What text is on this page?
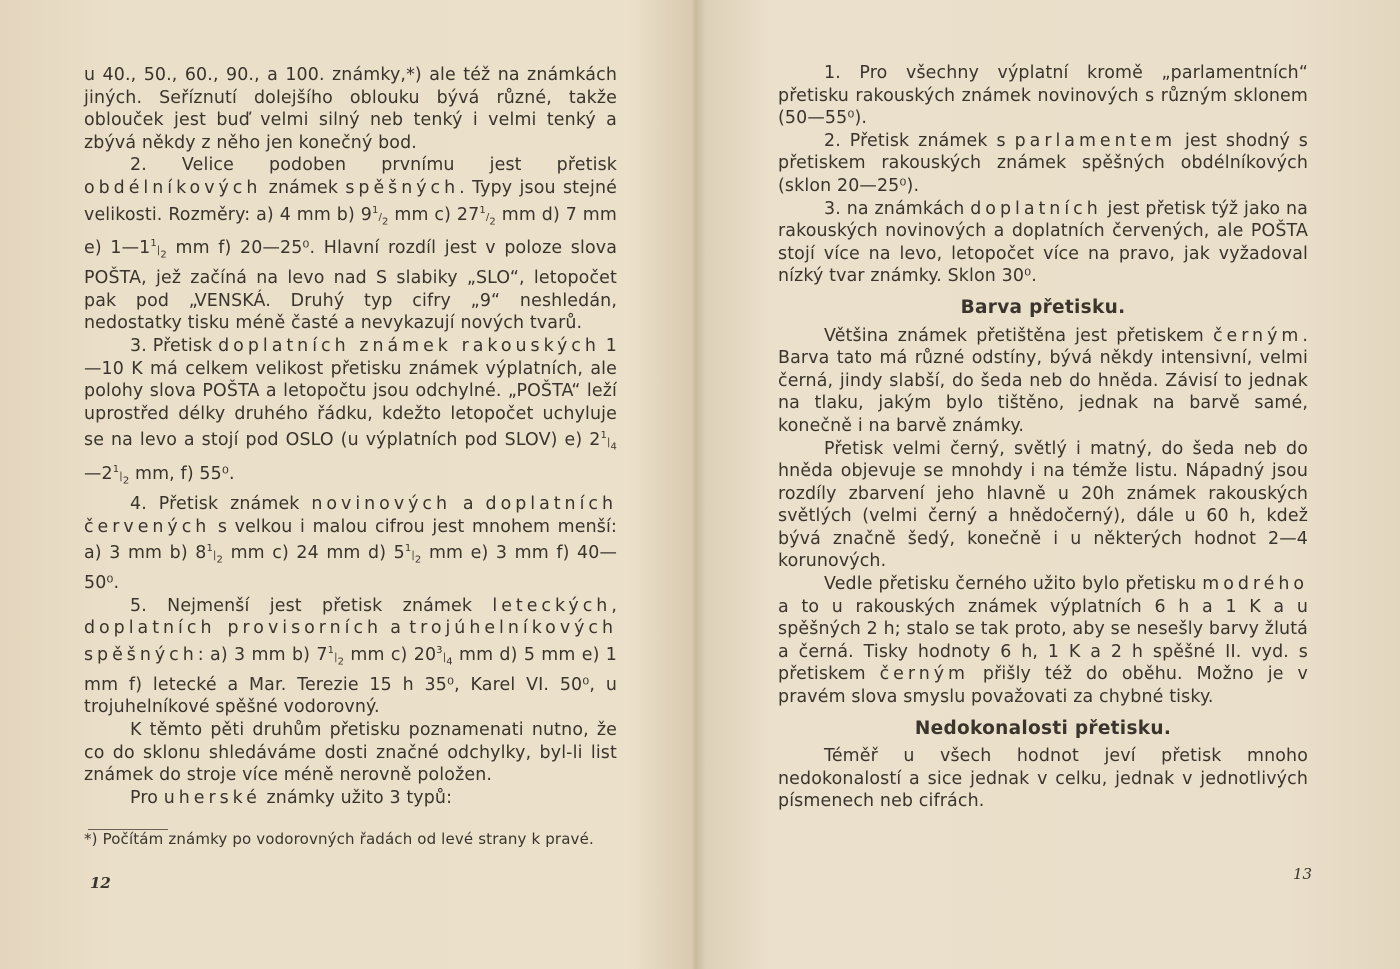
u 40., 50., 60., 90., a 100. známky,*) ale též na známkách jiných. Seříznutí dolejšího oblouku bývá různé, takže oblouček jest buď velmi silný neb tenký i velmi tenký a zbývá někdy z něho jen konečný bod.

2. Velice podoben prvnímu jest přetisk obdélníkových známek spěšných. Typy jsou stejné velikosti. Rozměry: a) 4 mm b) $9^1/_2$ mm c) $27^1/_2$ mm d) 7 mm e) $1—1^1|_2$ mm f) 20—25⁰. Hlavní rozdíl jest v poloze slova POŠTA, jež začíná na levo nad S slabiky „SLO“, letopočet pak pod „VENSKÁ. Druhý typ cifry „9“ neshledán, nedostatky tisku méně časté a nevykazují nových tvarů.

3. Přetisk doplatních známek rakouských 1—10 K má celkem velikost přetisku známek výplatních, ale polohy slova POŠTA a letopočtu jsou odchylné. „POŠTA“ leží uprostřed délky druhého řádku, kdežto letopočet uchyluje se na levo a stojí pod OSLO (u výplatních pod SLOV) e) $2^1|_4—2^1|_2$ mm, f) 55⁰.

4. Přetisk známek novinových a doplatních červených s velkou i malou cifrou jest mnohem menší: a) 3 mm b) $8^1|_2$ mm c) 24 mm d) $5^1|_2$ mm e) 3 mm f) 40—50⁰.

5. Nejmenší jest přetisk známek leteckých, doplatních provisorních a trojúhelníkových spěšných: a) 3 mm b) $7^1|_2$ mm c) $20^3|_4$ mm d) 5 mm e) 1 mm f) letecké a Mar. Terezie 15 h 35⁰, Karel VI. 50⁰, u trojuhelníkové spěšné vodorovný.

K těmto pěti druhům přetisku poznamenati nutno, že co do sklonu shledáváme dosti značné odchylky, byl-li list známek do stroje více méně nerovně položen.

Pro uherské známky užito 3 typů:

*) Počítám známky po vodorovných řadách od levé strany k pravé.

12

1. Pro všechny výplatní kromě „parlamentních“ přetisku rakouských známek novinových s různým sklonem (50—55⁰).

2. Přetisk známek s parlamentem jest shodný s přetiskem rakouských známek spěšných obdélníkových (sklon 20—25⁰).

3. na známkách doplatních jest přetisk týž jako na rakouských novinových a doplatních červených, ale POŠTA stojí více na levo, letopočet více na pravo, jak vyžadoval nízký tvar známky. Sklon 30⁰.

Barva přetisku.

Většina známek přetištěna jest přetiskem černým. Barva tato má různé odstíny, bývá někdy intensivní, velmi černá, jindy slabší, do šeda neb do hněda. Závisí to jednak na tlaku, jakým bylo tištěno, jednak na barvě samé, konečně i na barvě známky.

Přetisk velmi černý, světlý i matný, do šeda neb do hněda objevuje se mnohdy i na témže listu. Nápadný jsou rozdíly zbarvení jeho hlavně u 20h známek rakouských světlých (velmi černý a hnědočerný), dále u 60 h, kdež bývá značně šedý, konečně i u některých hodnot 2—4 korunových.

Vedle přetisku černého užito bylo přetisku modrého a to u rakouských známek výplatních 6 h a 1 K a u spěšných 2 h; stalo se tak proto, aby se nesešly barvy žlutá a černá. Tisky hodnoty 6 h, 1 K a 2 h spěšné II. vyd. s přetiskem černým přišly též do oběhu. Možno je v pravém slova smyslu považovati za chybné tisky.

Nedokonalosti přetisku.

Téměř u všech hodnot jeví přetisk mnoho nedokonalostí a sice jednak v celku, jednak v jednotlivých písmenech neb cifrách.

13
